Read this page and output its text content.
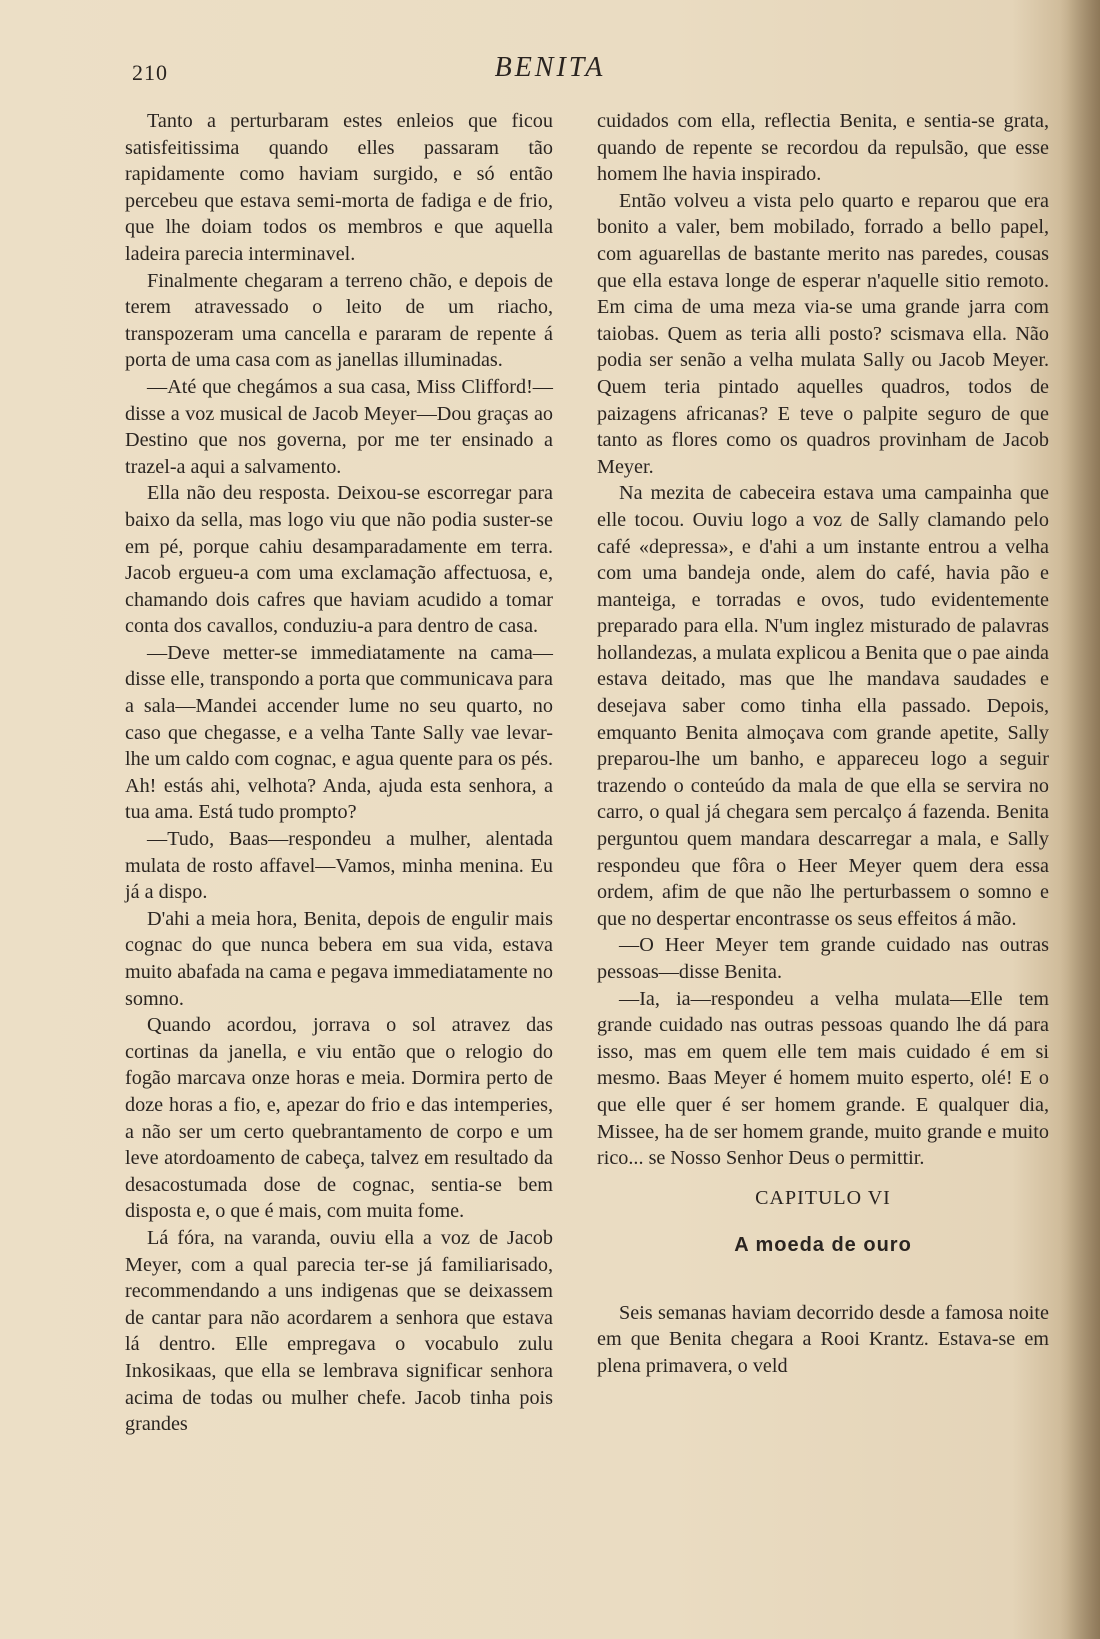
210	BENITA

Tanto a perturbaram estes enleios que ficou satisfeitissima quando elles passaram tão rapidamente como haviam surgido, e só então percebeu que estava semi-morta de fadiga e de frio, que lhe doiam todos os membros e que aquella ladeira parecia interminavel.

Finalmente chegaram a terreno chão, e depois de terem atravessado o leito de um riacho, transpozeram uma cancella e pararam de repente á porta de uma casa com as janellas illuminadas.

—Até que chegámos a sua casa, Miss Clifford!—disse a voz musical de Jacob Meyer—Dou graças ao Destino que nos governa, por me ter ensinado a trazel-a aqui a salvamento.

Ella não deu resposta. Deixou-se escorregar para baixo da sella, mas logo viu que não podia suster-se em pé, porque cahiu desamparadamente em terra. Jacob ergueu-a com uma exclamação affectuosa, e, chamando dois cafres que haviam acudido a tomar conta dos cavallos, conduziu-a para dentro de casa.

—Deve metter-se immediatamente na cama—disse elle, transpondo a porta que communicava para a sala—Mandei accender lume no seu quarto, no caso que chegasse, e a velha Tante Sally vae levar-lhe um caldo com cognac, e agua quente para os pés. Ah! estás ahi, velhota? Anda, ajuda esta senhora, a tua ama. Está tudo prompto?

—Tudo, Baas—respondeu a mulher, alentada mulata de rosto affavel—Vamos, minha menina. Eu já a dispo.

D'ahi a meia hora, Benita, depois de engulir mais cognac do que nunca bebera em sua vida, estava muito abafada na cama e pegava immediatamente no somno.

Quando acordou, jorrava o sol atravez das cortinas da janella, e viu então que o relogio do fogão marcava onze horas e meia. Dormira perto de doze horas a fio, e, apezar do frio e das intemperies, a não ser um certo quebrantamento de corpo e um leve atordoamento de cabeça, talvez em resultado da desacostumada dose de cognac, sentia-se bem disposta e, o que é mais, com muita fome.

Lá fóra, na varanda, ouviu ella a voz de Jacob Meyer, com a qual parecia ter-se já familiarisado, recommendando a uns indigenas que se deixassem de cantar para não acordarem a senhora que estava lá dentro. Elle empregava o vocabulo zulu Inkosikaas, que ella se lembrava significar senhora acima de todas ou mulher chefe. Jacob tinha pois grandes

cuidados com ella, reflectia Benita, e sentia-se grata, quando de repente se recordou da repulsão, que esse homem lhe havia inspirado.

Então volveu a vista pelo quarto e reparou que era bonito a valer, bem mobilado, forrado a bello papel, com aguarellas de bastante merito nas paredes, cousas que ella estava longe de esperar n'aquelle sitio remoto. Em cima de uma meza via-se uma grande jarra com taiobas. Quem as teria alli posto? scismava ella. Não podia ser senão a velha mulata Sally ou Jacob Meyer. Quem teria pintado aquelles quadros, todos de paizagens africanas? E teve o palpite seguro de que tanto as flores como os quadros provinham de Jacob Meyer.

Na mezita de cabeceira estava uma campainha que elle tocou. Ouviu logo a voz de Sally clamando pelo café «depressa», e d'ahi a um instante entrou a velha com uma bandeja onde, alem do café, havia pão e manteiga, e torradas e ovos, tudo evidentemente preparado para ella. N'um inglez misturado de palavras hollandezas, a mulata explicou a Benita que o pae ainda estava deitado, mas que lhe mandava saudades e desejava saber como tinha ella passado. Depois, emquanto Benita almoçava com grande apetite, Sally preparou-lhe um banho, e appareceu logo a seguir trazendo o conteúdo da mala de que ella se servira no carro, o qual já chegara sem percalço á fazenda. Benita perguntou quem mandara descarregar a mala, e Sally respondeu que fôra o Heer Meyer quem dera essa ordem, afim de que não lhe perturbassem o somno e que no despertar encontrasse os seus effeitos á mão.

—O Heer Meyer tem grande cuidado nas outras pessoas—disse Benita.

—Ia, ia—respondeu a velha mulata—Elle tem grande cuidado nas outras pessoas quando lhe dá para isso, mas em quem elle tem mais cuidado é em si mesmo. Baas Meyer é homem muito esperto, olé! E o que elle quer é ser homem grande. E qualquer dia, Missee, ha de ser homem grande, muito grande e muito rico... se Nosso Senhor Deus o permittir.

CAPITULO VI
A moeda de ouro

Seis semanas haviam decorrido desde a famosa noite em que Benita chegara a Rooi Krantz. Estava-se em plena primavera, o veld
